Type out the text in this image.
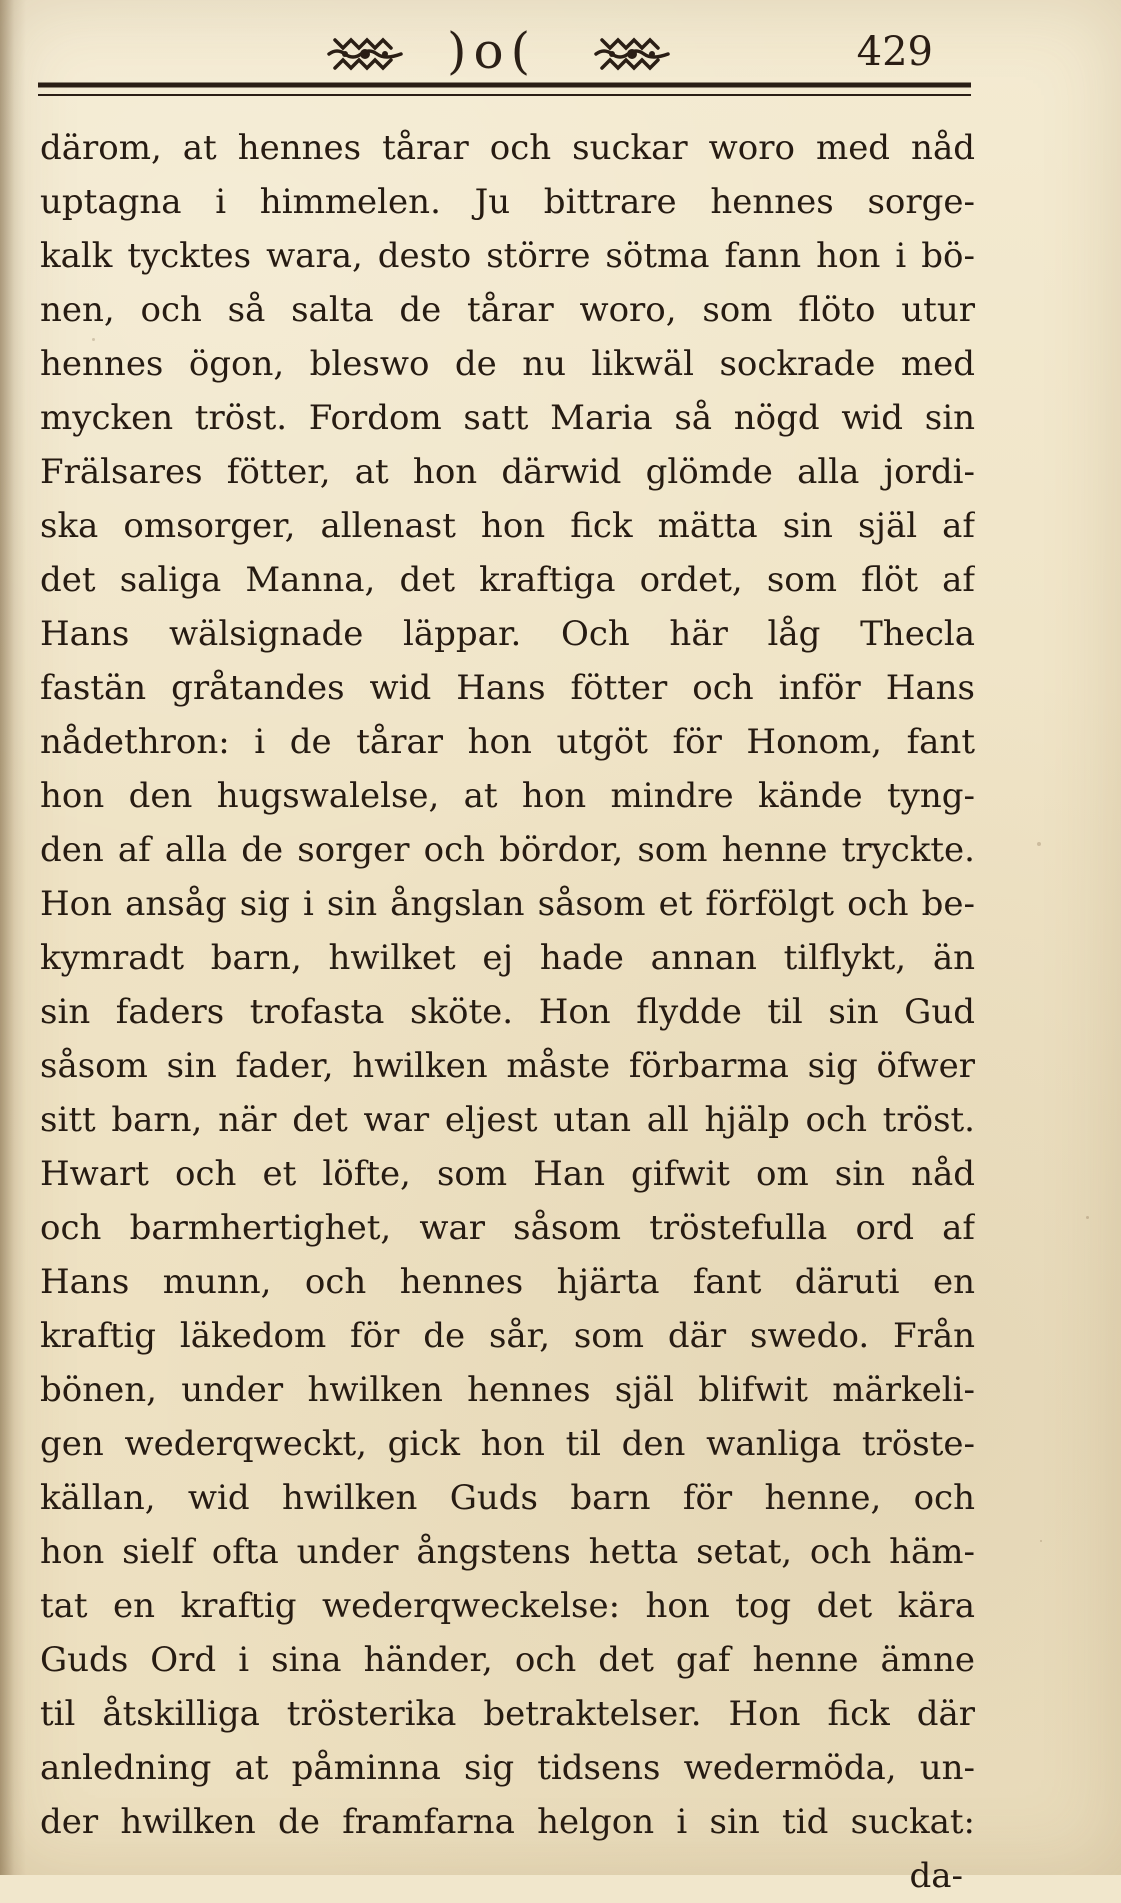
)o(	429
därom, at hennes tårar och suckar woro med nåd
uptagna i himmelen. Ju bittrare hennes sorge-
kalk tycktes wara, desto större sötma fann hon i bö-
nen, och så salta de tårar woro, som flöto utur
hennes ögon, bleswo de nu likwäl sockrade med
mycken tröst. Fordom satt Maria så nögd wid sin
Frälsares fötter, at hon därwid glömde alla jordi-
ska omsorger, allenast hon fick mätta sin själ af
det saliga Manna, det kraftiga ordet, som flöt af
Hans wälsignade läppar. Och här låg Thecla
fastän gråtandes wid Hans fötter och inför Hans
nådethron: i de tårar hon utgöt för Honom, fant
hon den hugswalelse, at hon mindre kände tyng-
den af alla de sorger och bördor, som henne tryckte.
Hon ansåg sig i sin ångslan såsom et förfölgt och be-
kymradt barn, hwilket ej hade annan tilflykt, än
sin faders trofasta sköte. Hon flydde til sin Gud
såsom sin fader, hwilken måste förbarma sig öfwer
sitt barn, när det war eljest utan all hjälp och tröst.
Hwart och et löfte, som Han gifwit om sin nåd
och barmhertighet, war såsom tröstefulla ord af
Hans munn, och hennes hjärta fant däruti en
kraftig läkedom för de sår, som där swedo. Från
bönen, under hwilken hennes själ blifwit märkeli-
gen wederqweckt, gick hon til den wanliga tröste-
källan, wid hwilken Guds barn för henne, och
hon sielf ofta under ångstens hetta setat, och häm-
tat en kraftig wederqweckelse: hon tog det kära
Guds Ord i sina händer, och det gaf henne ämne
til åtskilliga trösterika betraktelser. Hon fick där
anledning at påminna sig tidsens wedermöda, un-
der hwilken de framfarna helgon i sin tid suckat:
da-
